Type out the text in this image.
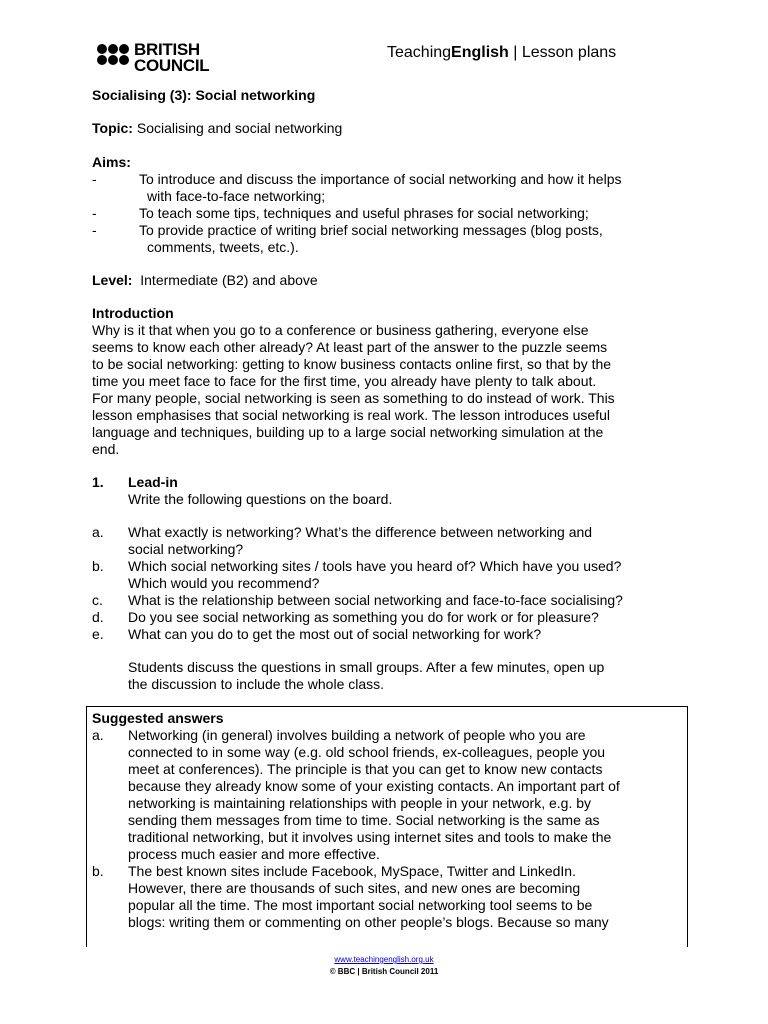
BRITISH
COUNCIL
TeachingEnglish | Lesson plans
Socialising (3): Social networking
Topic: Socialising and social networking
Aims:
-	To introduce and discuss the importance of social networking and how it helps
with face-to-face networking;
-	To teach some tips, techniques and useful phrases for social networking;
-	To provide practice of writing brief social networking messages (blog posts,
comments, tweets, etc.).
Level: Intermediate (B2) and above
Introduction
Why is it that when you go to a conference or business gathering, everyone else
seems to know each other already? At least part of the answer to the puzzle seems
to be social networking: getting to know business contacts online first, so that by the
time you meet face to face for the first time, you already have plenty to talk about.
For many people, social networking is seen as something to do instead of work. This
lesson emphasises that social networking is real work. The lesson introduces useful
language and techniques, building up to a large social networking simulation at the
end.
1. Lead-in
Write the following questions on the board.
a. What exactly is networking? What’s the difference between networking and
social networking?
b. Which social networking sites / tools have you heard of? Which have you used?
Which would you recommend?
c. What is the relationship between social networking and face-to-face socialising?
d. Do you see social networking as something you do for work or for pleasure?
e. What can you do to get the most out of social networking for work?
Students discuss the questions in small groups. After a few minutes, open up
the discussion to include the whole class.
Suggested answers
a. Networking (in general) involves building a network of people who you are
connected to in some way (e.g. old school friends, ex-colleagues, people you
meet at conferences). The principle is that you can get to know new contacts
because they already know some of your existing contacts. An important part of
networking is maintaining relationships with people in your network, e.g. by
sending them messages from time to time. Social networking is the same as
traditional networking, but it involves using internet sites and tools to make the
process much easier and more effective.
b. The best known sites include Facebook, MySpace, Twitter and LinkedIn.
However, there are thousands of such sites, and new ones are becoming
popular all the time. The most important social networking tool seems to be
blogs: writing them or commenting on other people’s blogs. Because so many
www.teachingenglish.org.uk
© BBC | British Council 2011
